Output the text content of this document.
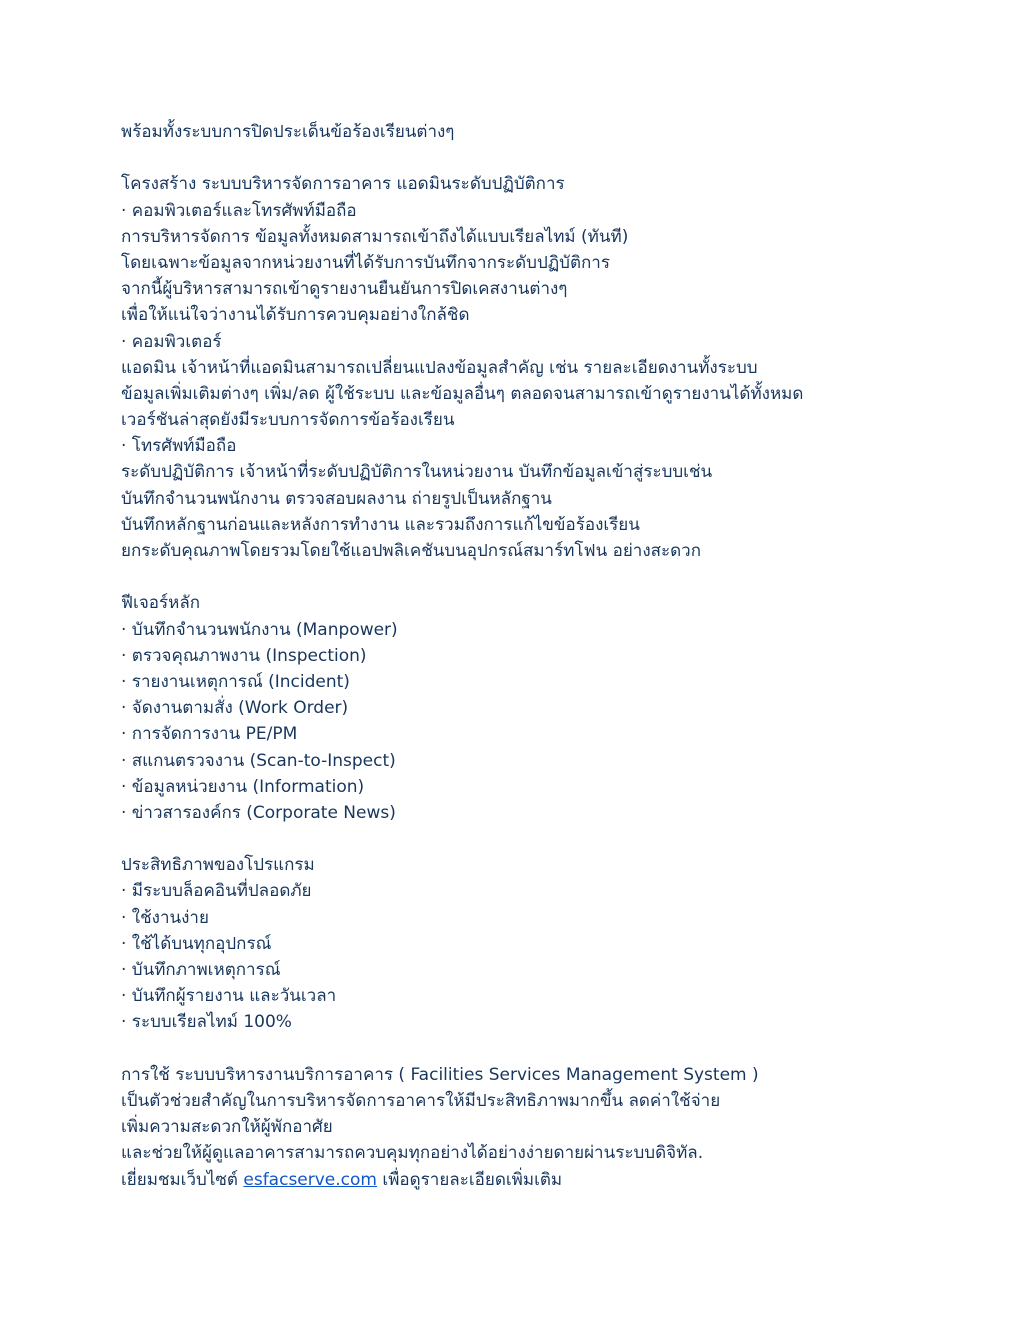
พร้อมทั้งระบบการปิดประเด็นข้อร้องเรียนต่างๆ
โครงสร้าง ระบบบริหารจัดการอาคาร แอดมินระดับปฏิบัติการ
· คอมพิวเตอร์และโทรศัพท์มือถือ
การบริหารจัดการ ข้อมูลทั้งหมดสามารถเข้าถึงได้แบบเรียลไทม์ (ทันที)
โดยเฉพาะข้อมูลจากหน่วยงานที่ได้รับการบันทึกจากระดับปฏิบัติการ
จากนี้ผู้บริหารสามารถเข้าดูรายงานยืนยันการปิดเคสงานต่างๆ
เพื่อให้แน่ใจว่างานได้รับการควบคุมอย่างใกล้ชิด
· คอมพิวเตอร์
แอดมิน เจ้าหน้าที่แอดมินสามารถเปลี่ยนแปลงข้อมูลสำคัญ เช่น รายละเอียดงานทั้งระบบ
ข้อมูลเพิ่มเติมต่างๆ เพิ่ม/ลด ผู้ใช้ระบบ และข้อมูลอื่นๆ ตลอดจนสามารถเข้าดูรายงานได้ทั้งหมด
เวอร์ชันล่าสุดยังมีระบบการจัดการข้อร้องเรียน
· โทรศัพท์มือถือ
ระดับปฏิบัติการ เจ้าหน้าที่ระดับปฏิบัติการในหน่วยงาน บันทึกข้อมูลเข้าสู่ระบบเช่น
บันทึกจำนวนพนักงาน ตรวจสอบผลงาน ถ่ายรูปเป็นหลักฐาน
บันทึกหลักฐานก่อนและหลังการทำงาน และรวมถึงการแก้ไขข้อร้องเรียน
ยกระดับคุณภาพโดยรวมโดยใช้แอปพลิเคชันบนอุปกรณ์สมาร์ทโฟน อย่างสะดวก
ฟีเจอร์หลัก
· บันทึกจำนวนพนักงาน (Manpower)
· ตรวจคุณภาพงาน (Inspection)
· รายงานเหตุการณ์ (Incident)
· จัดงานตามสั่ง (Work Order)
· การจัดการงาน PE/PM
· สแกนตรวจงาน (Scan-to-Inspect)
· ข้อมูลหน่วยงาน (Information)
· ข่าวสารองค์กร (Corporate News)
ประสิทธิภาพของโปรแกรม
· มีระบบล็อคอินที่ปลอดภัย
· ใช้งานง่าย
· ใช้ได้บนทุกอุปกรณ์
· บันทึกภาพเหตุการณ์
· บันทึกผู้รายงาน และวันเวลา
· ระบบเรียลไทม์ 100%
การใช้ ระบบบริหารงานบริการอาคาร ( Facilities Services Management System )
เป็นตัวช่วยสำคัญในการบริหารจัดการอาคารให้มีประสิทธิภาพมากขึ้น ลดค่าใช้จ่าย
เพิ่มความสะดวกให้ผู้พักอาศัย
และช่วยให้ผู้ดูแลอาคารสามารถควบคุมทุกอย่างได้อย่างง่ายดายผ่านระบบดิจิทัล.
เยี่ยมชมเว็บไซต์ esfacserve.com เพื่อดูรายละเอียดเพิ่มเติม
